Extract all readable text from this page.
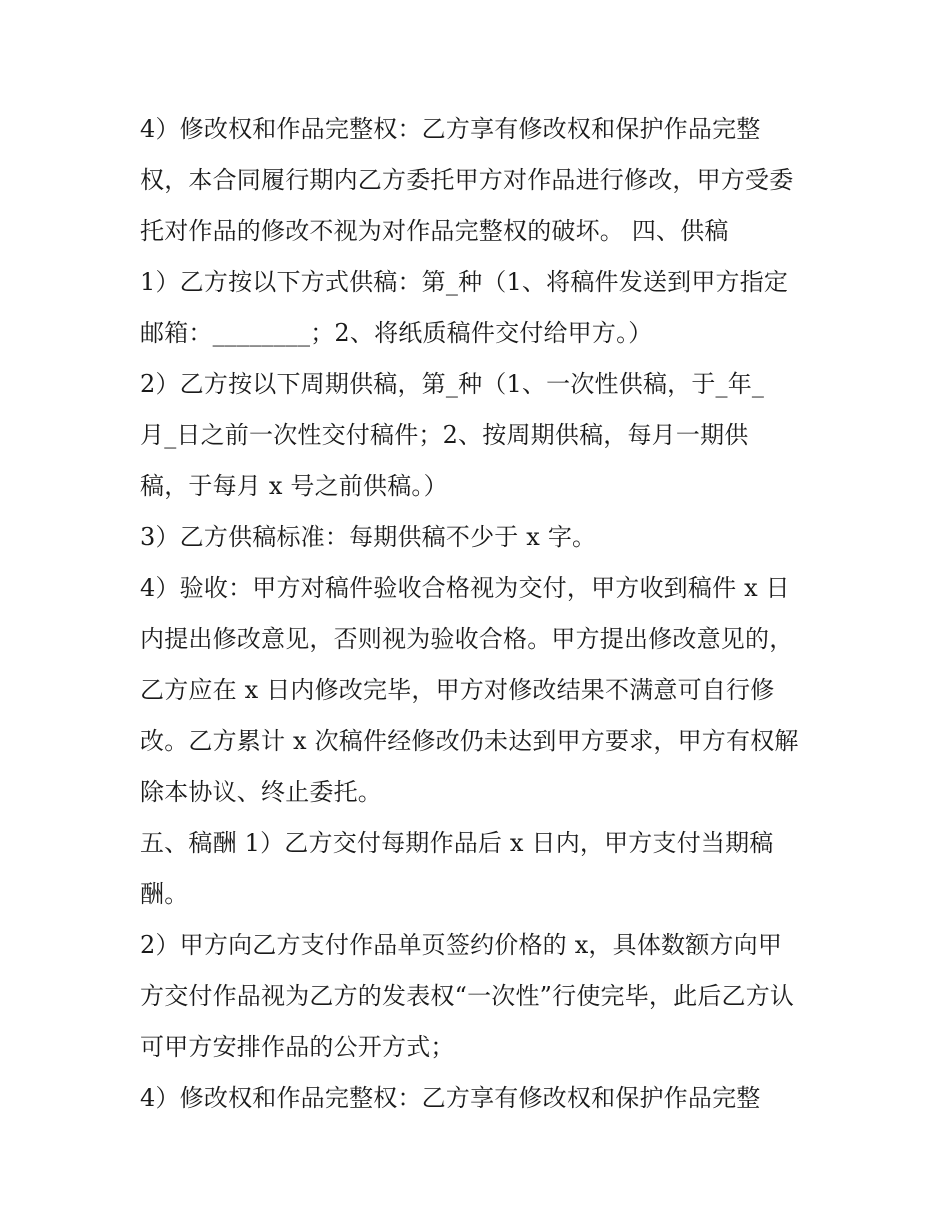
4）修改权和作品完整权：乙方享有修改权和保护作品完整
权，本合同履行期内乙方委托甲方对作品进行修改，甲方受委
托对作品的修改不视为对作品完整权的破坏。 四、供稿
1）乙方按以下方式供稿：第_种（1、将稿件发送到甲方指定
邮箱：________；2、将纸质稿件交付给甲方。）
2）乙方按以下周期供稿，第_种（1、一次性供稿，于_年_
月_日之前一次性交付稿件；2、按周期供稿，每月一期供
稿，于每月 x 号之前供稿。）
3）乙方供稿标准：每期供稿不少于 x 字。
4）验收：甲方对稿件验收合格视为交付，甲方收到稿件 x 日
内提出修改意见，否则视为验收合格。甲方提出修改意见的，
乙方应在 x 日内修改完毕，甲方对修改结果不满意可自行修
改。乙方累计 x 次稿件经修改仍未达到甲方要求，甲方有权解
除本协议、终止委托。
五、稿酬 1）乙方交付每期作品后 x 日内，甲方支付当期稿
酬。
2）甲方向乙方支付作品单页签约价格的 x，具体数额方向甲
方交付作品视为乙方的发表权“一次性”行使完毕，此后乙方认
可甲方安排作品的公开方式；
4）修改权和作品完整权：乙方享有修改权和保护作品完整
